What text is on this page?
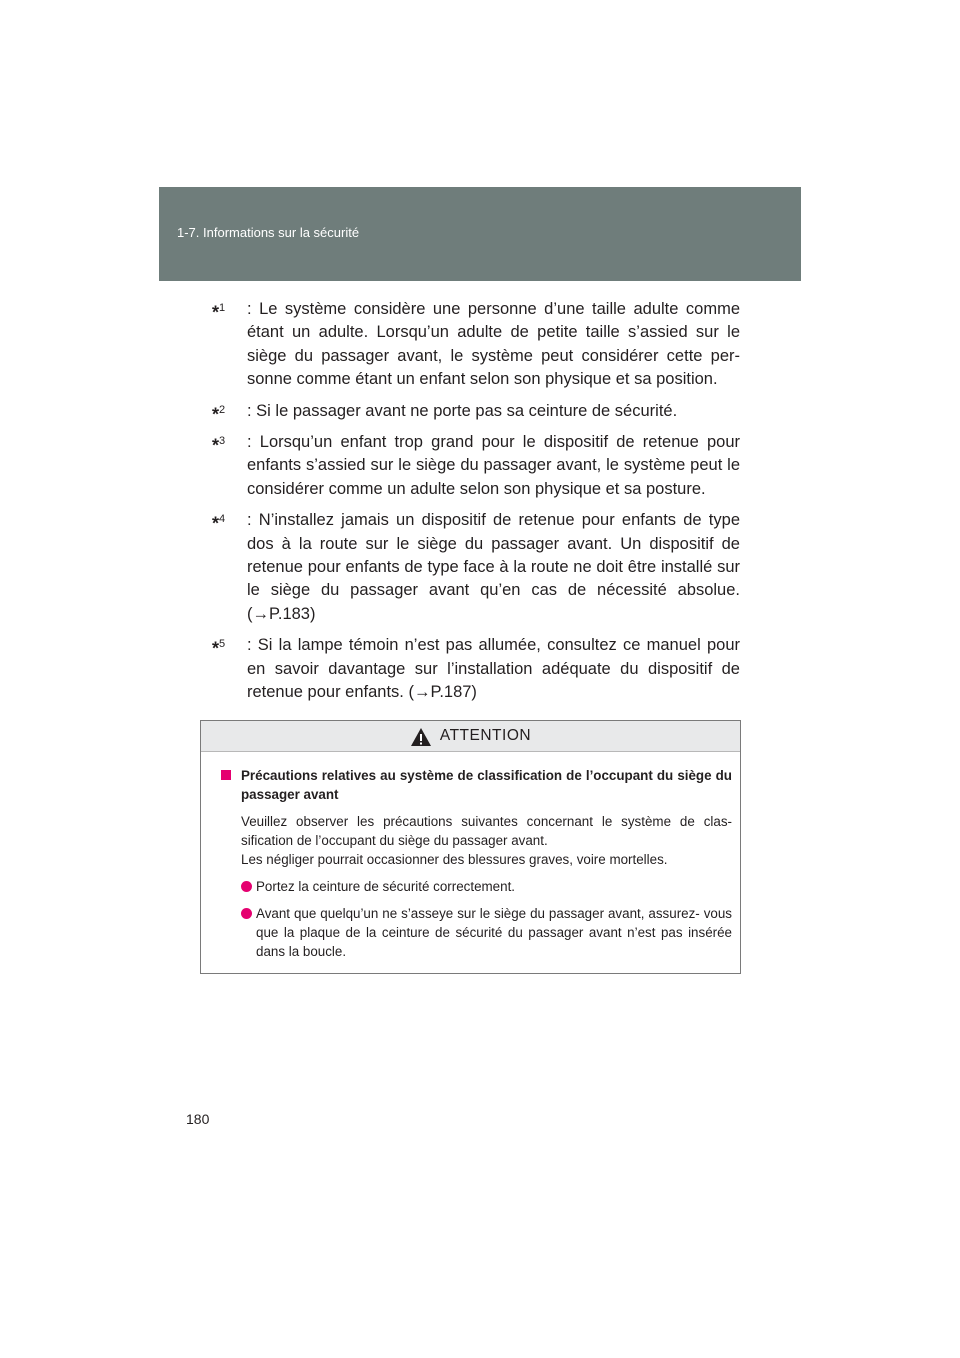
1-7. Informations sur la sécurité
*$^1$ : Le système considère une personne d’une taille adulte comme étant un adulte. Lorsqu’un adulte de petite taille s’assied sur le siège du passager avant, le système peut considérer cette per- sonne comme étant un enfant selon son physique et sa position.
*$^2$ : Si le passager avant ne porte pas sa ceinture de sécurité.
*$^3$ : Lorsqu’un enfant trop grand pour le dispositif de retenue pour enfants s’assied sur le siège du passager avant, le système peut le considérer comme un adulte selon son physique et sa posture.
*$^4$ : N’installez jamais un dispositif de retenue pour enfants de type dos à la route sur le siège du passager avant. Un dispositif de retenue pour enfants de type face à la route ne doit être installé sur le siège du passager avant qu’en cas de nécessité absolue. (→P.183)
*$^5$ : Si la lampe témoin n’est pas allumée, consultez ce manuel pour en savoir davantage sur l’installation adéquate du dispositif de retenue pour enfants. (→P.187)
ATTENTION
Précautions relatives au système de classification de l’occupant du siège du passager avant
Veuillez observer les précautions suivantes concernant le système de clas- sification de l’occupant du siège du passager avant.
Les négliger pourrait occasionner des blessures graves, voire mortelles.
Portez la ceinture de sécurité correctement.
Avant que quelqu’un ne s’asseye sur le siège du passager avant, assurez- vous que la plaque de la ceinture de sécurité du passager avant n’est pas insérée dans la boucle.
180
